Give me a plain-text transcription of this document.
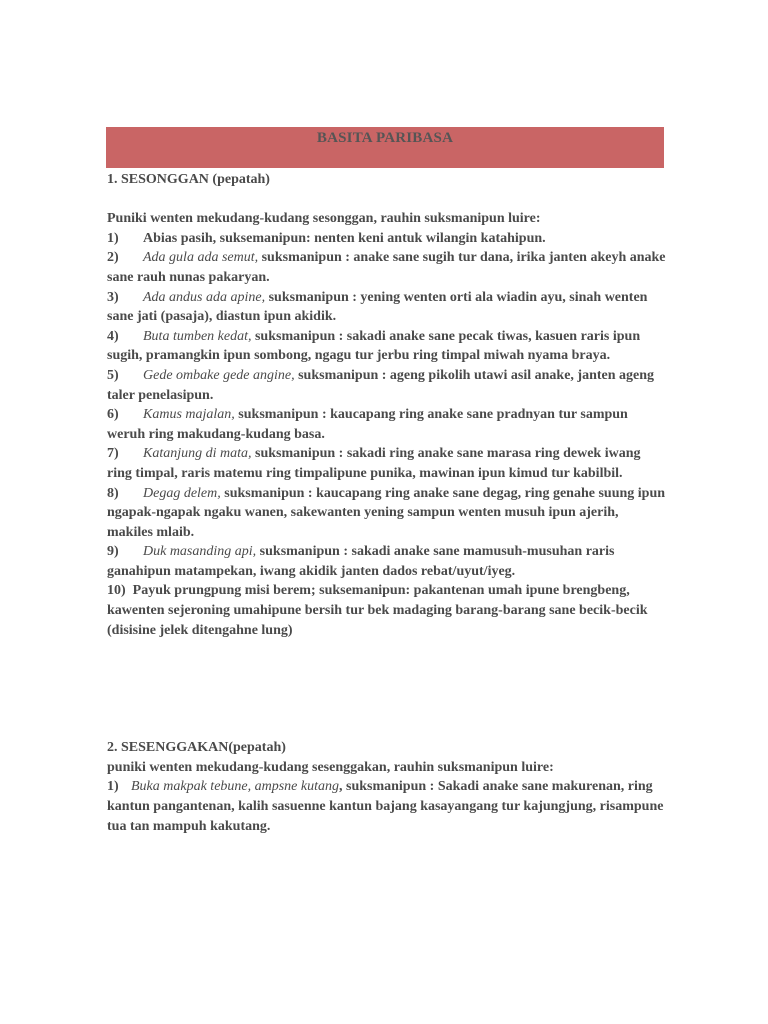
BASITA PARIBASA

1. SESONGGAN (pepatah)

Puniki wenten mekudang-kudang sesonggan, rauhin suksmanipun luire:

1) Abias pasih, suksemanipun: nenten keni antuk wilangin katahipun.

2) Ada gula ada semut, suksmanipun : anake sane sugih tur dana, irika janten akeyh anake sane rauh nunas pakaryan.

3) Ada andus ada apine, suksmanipun : yening wenten orti ala wiadin ayu, sinah wenten sane jati (pasaja), diastun ipun akidik.

4) Buta tumben kedat, suksmanipun : sakadi anake sane pecak tiwas, kasuen raris ipun sugih, pramangkin ipun sombong, ngagu tur jerbu ring timpal miwah nyama braya.

5) Gede ombake gede angine, suksmanipun : ageng pikolih utawi asil anake, janten ageng taler penelasipun.

6) Kamus majalan, suksmanipun : kaucapang ring anake sane pradnyan tur sampun weruh ring makudang-kudang basa.

7) Katanjung di mata, suksmanipun : sakadi ring anake sane marasa ring dewek iwang ring timpal, raris matemu ring timpalipune punika, mawinan ipun kimud tur kabilbil.

8) Degag delem, suksmanipun : kaucapang ring anake sane degag, ring genahe suung ipun ngapak-ngapak ngaku wanen, sakewanten yening sampun wenten musuh ipun ajerih, makiles mlaib.

9) Duk masanding api, suksmanipun : sakadi anake sane mamusuh-musuhan raris ganahipun matampekan, iwang akidik janten dados rebat/uyut/iyeg.

10) Payuk prungpung misi berem; suksemanipun: pakantenan umah ipune brengbeng, kawenten sejeroning umahipune bersih tur bek madaging barang-barang sane becik-becik (disisine jelek ditengahne lung)

2. SESENGGAKAN(pepatah)

puniki wenten mekudang-kudang sesenggakan, rauhin suksmanipun luire:

1) Buka makpak tebune, ampsne kutang, suksmanipun : Sakadi anake sane makurenan, ring kantun pangantenan, kalih sasuenne kantun bajang kasayangang tur kajungjung, risampune tua tan mampuh kakutang.
